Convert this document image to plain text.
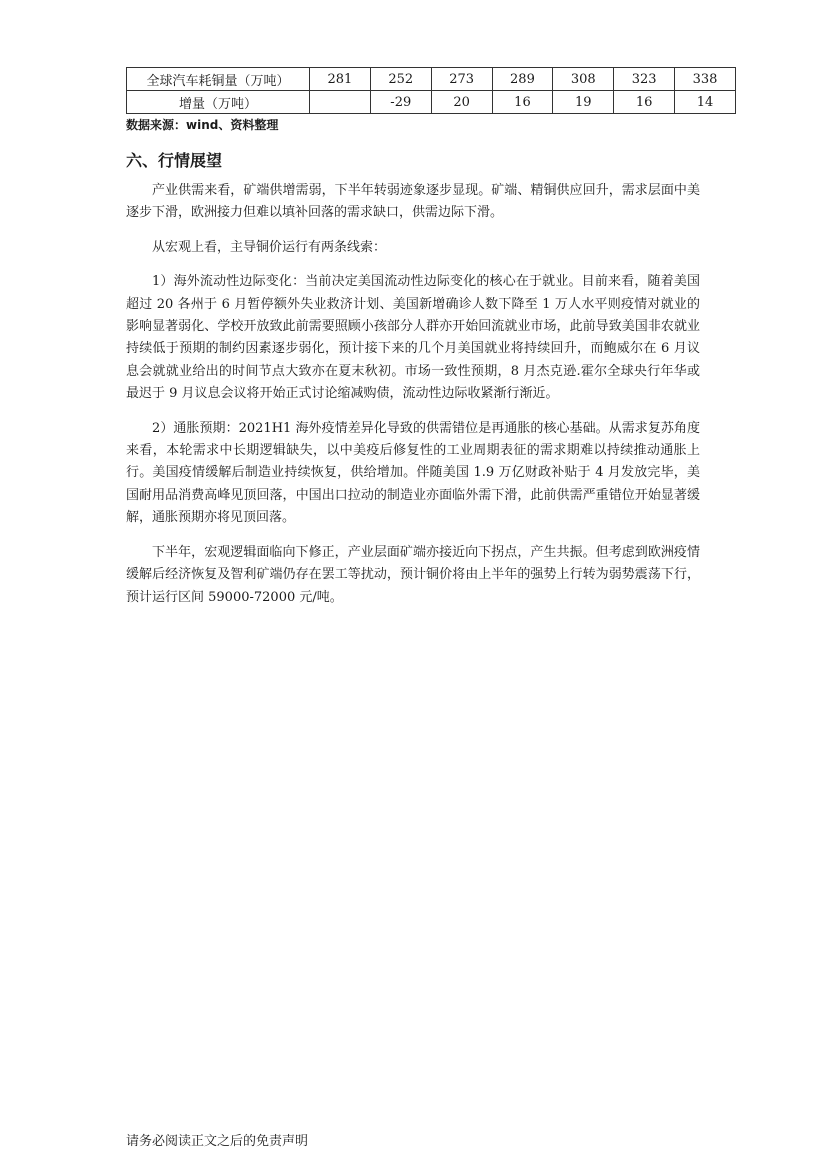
全球汽车耗铜量（万吨）	281	252	273	289	308	323	338
增量（万吨）		-29	20	16	19	16	14
数据来源：wind、资料整理
六、行情展望

产业供需来看，矿端供增需弱，下半年转弱迹象逐步显现。矿端、精铜供应回升，需求层面中美逐步下滑，欧洲接力但难以填补回落的需求缺口，供需边际下滑。

从宏观上看，主导铜价运行有两条线索：

1）海外流动性边际变化：当前决定美国流动性边际变化的核心在于就业。目前来看，随着美国超过 20 各州于 6 月暂停额外失业救济计划、美国新增确诊人数下降至 1 万人水平则疫情对就业的影响显著弱化、学校开放致此前需要照顾小孩部分人群亦开始回流就业市场，此前导致美国非农就业持续低于预期的制约因素逐步弱化，预计接下来的几个月美国就业将持续回升，而鲍威尔在 6 月议息会就就业给出的时间节点大致亦在夏末秋初。市场一致性预期，8 月杰克逊.霍尔全球央行年华或最迟于 9 月议息会议将开始正式讨论缩减购债，流动性边际收紧渐行渐近。

2）通胀预期：2021H1 海外疫情差异化导致的供需错位是再通胀的核心基础。从需求复苏角度来看，本轮需求中长期逻辑缺失，以中美疫后修复性的工业周期表征的需求期难以持续推动通胀上行。美国疫情缓解后制造业持续恢复，供给增加。伴随美国 1.9 万亿财政补贴于 4 月发放完毕，美国耐用品消费高峰见顶回落，中国出口拉动的制造业亦面临外需下滑，此前供需严重错位开始显著缓解，通胀预期亦将见顶回落。

下半年，宏观逻辑面临向下修正，产业层面矿端亦接近向下拐点，产生共振。但考虑到欧洲疫情缓解后经济恢复及智利矿端仍存在罢工等扰动，预计铜价将由上半年的强势上行转为弱势震荡下行，预计运行区间 59000-72000 元/吨。

请务必阅读正文之后的免责声明
